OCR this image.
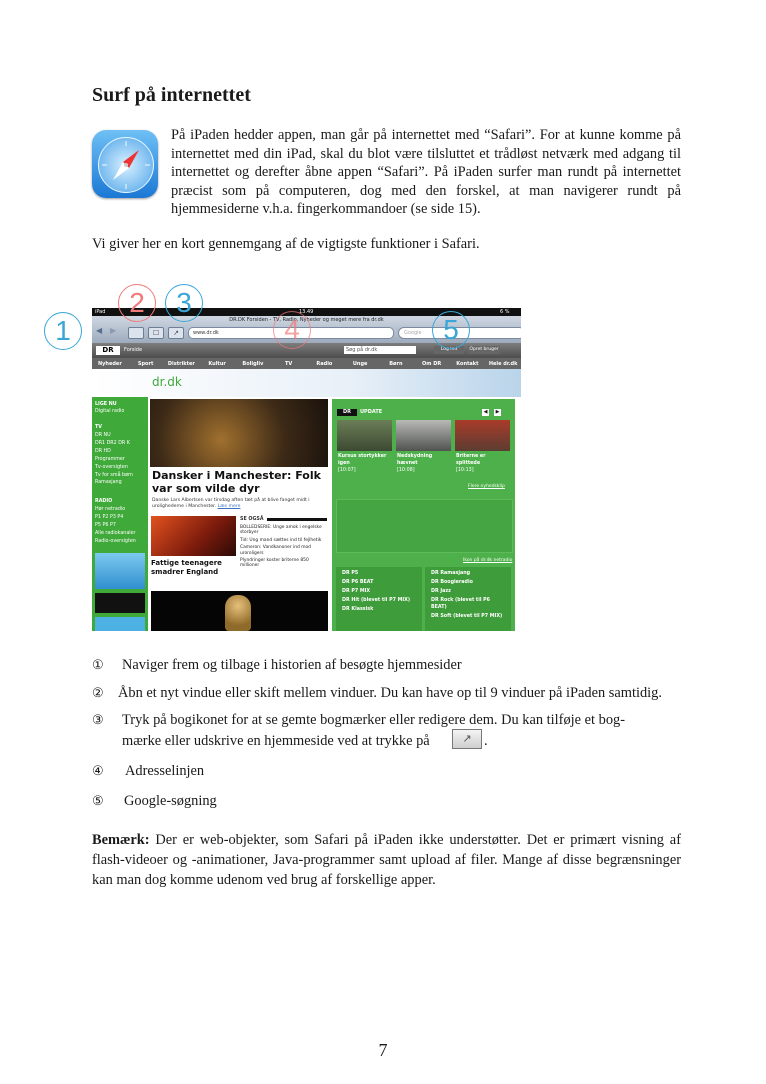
Surf på internettet
På iPaden hedder appen, man går på internettet med “Safari”. For at kunne komme på internettet med din iPad, skal du blot være tilsluttet et trådløst netværk med adgang til internettet og derefter åbne appen “Safari”. På iPaden surfer man rundt på internettet præcist som på computeren, dog med den forskel, at man navigerer rundt på hjemmesiderne v.h.a. fingerkommandoer (se side 15).
Vi giver her en kort gennemgang af de vigtigste funktioner i Safari.
iPad	13.49	6 %
DR.DK Forsiden - TV, Radio, Nyheder og meget mere fra dr.dk
◀ ▶	☐	↗	www.dr.dk	Google
DR	Forside	Søg på dr.dk	Log ind	Opret bruger
Nyheder	Sport	Distrikter	Kultur	Boligliv	TV	Radio	Unge	Børn	Om DR	Kontakt	Hele dr.dk
dr.dk
LIGE NU
Digital radio
TV
DR NU
DR1 DR2 DR K
DR HD
Programmer
Tv-oversigten
Tv for små børn
Ramasjang
RADIO
Hør netradio
P1 P2 P3 P4
P5 P6 P7
Alle radiokanaler
Radio-oversigten
Dansker i Manchester: Folk var som vilde dyr
Danske Lars Albertsen var tirsdag aften tæt på at blive fanget midt i urolighederne i Manchester. Læs mere
Fattige teenagere smadrer England
SE OGSÅ
BOLLEDSERIE: Unge amok i engelske storbyer
Tid: Ung mand sættes ind til fejlhetik
Cameron: Vandkanoner ind mod uroroligers
Plyndringer koster briterne 850 millioner
DR	UPDATE	◀	▶
Kursus stortykker igen
[10:07]
Nedskydning hævnet
[10:08]
Briterne er splittede
[10:13]
Flere nyhedsklip
Ikon på dr.dk netradio
DR P5
DR P6 BEAT
DR P7 MIX
DR Hit (blevet til P7 MIX)
DR Klassisk
DR Ramasjang
DR Boogieradio
DR Jazz
DR Rock (blevet til P6 BEAT)
DR Soft (blevet til P7 MIX)
1
2	3
4	5
① Naviger frem og tilbage i historien af besøgte hjemmesider
② Åbn et nyt vindue eller skift mellem vinduer. Du kan have op til 9 vinduer på iPaden samtidig.
③ Tryk på bogikonet for at se gemte bogmærker eller redigere dem. Du kan tilføje et bog-
mærke eller udskrive en hjemmeside ved at trykke på	↗ .
④ Adresselinjen
⑤ Google-søgning
Bemærk: Der er web-objekter, som Safari på iPaden ikke understøtter. Det er primært visning af flash-videoer og -animationer, Java-programmer samt upload af filer. Mange af disse begrænsninger kan man dog komme udenom ved brug af forskellige apper.
7
